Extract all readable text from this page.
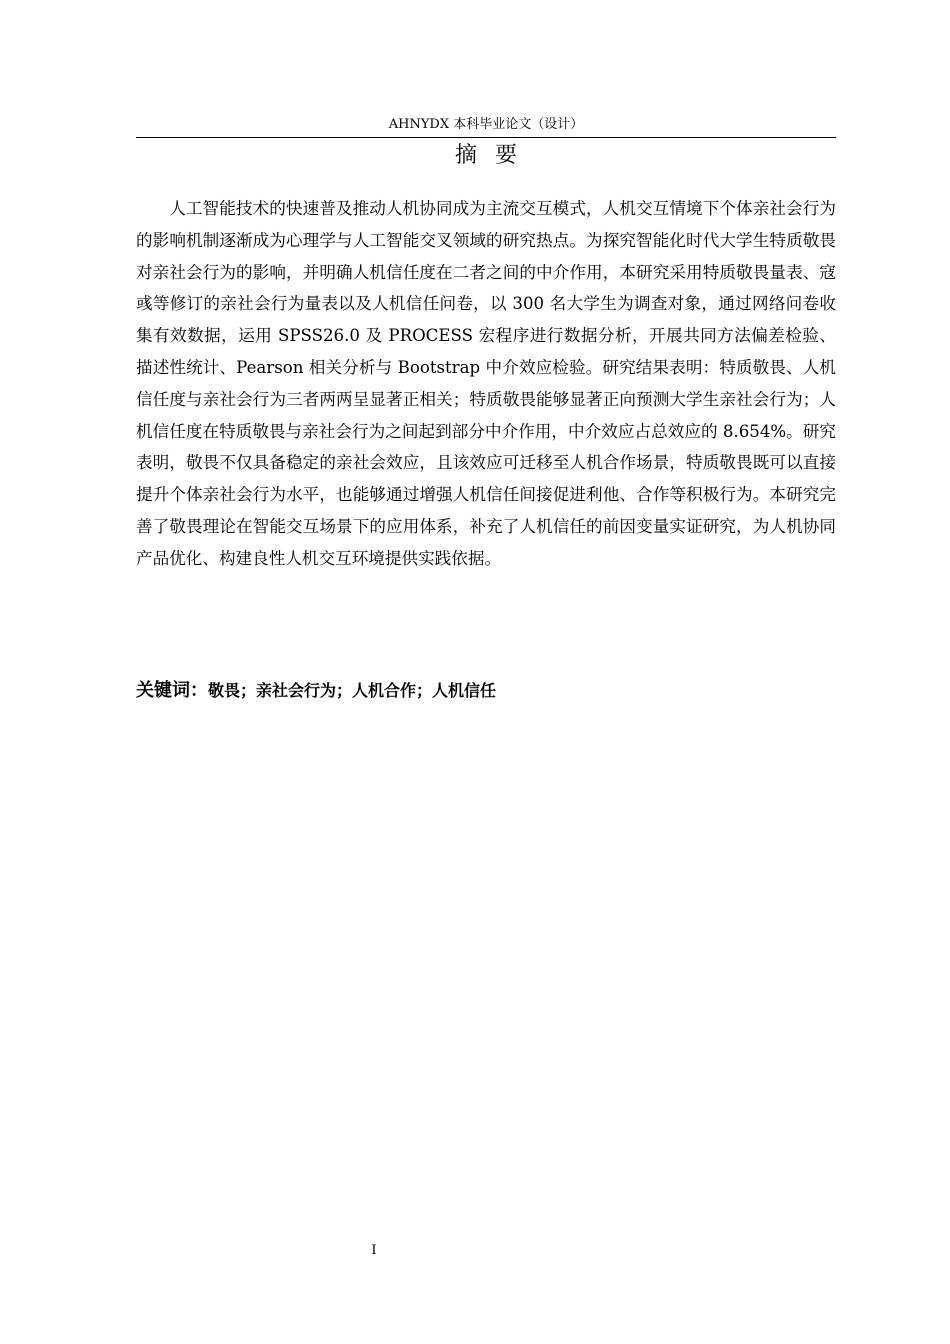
AHNYDX 本科毕业论文（设计）
摘要

人工智能技术的快速普及推动人机协同成为主流交互模式，人机交互情境下个体亲社会行为的影响机制逐渐成为心理学与人工智能交叉领域的研究热点。为探究智能化时代大学生特质敬畏对亲社会行为的影响，并明确人机信任度在二者之间的中介作用，本研究采用特质敬畏量表、寇彧等修订的亲社会行为量表以及人机信任问卷，以 300 名大学生为调查对象，通过网络问卷收集有效数据，运用 SPSS26.0 及 PROCESS 宏程序进行数据分析，开展共同方法偏差检验、描述性统计、Pearson 相关分析与 Bootstrap 中介效应检验。研究结果表明：特质敬畏、人机信任度与亲社会行为三者两两呈显著正相关；特质敬畏能够显著正向预测大学生亲社会行为；人机信任度在特质敬畏与亲社会行为之间起到部分中介作用，中介效应占总效应的 8.654%。研究表明，敬畏不仅具备稳定的亲社会效应，且该效应可迁移至人机合作场景，特质敬畏既可以直接提升个体亲社会行为水平，也能够通过增强人机信任间接促进利他、合作等积极行为。本研究完善了敬畏理论在智能交互场景下的应用体系，补充了人机信任的前因变量实证研究，为人机协同产品优化、构建良性人机交互环境提供实践依据。

关键词：敬畏；亲社会行为；人机合作；人机信任
I
